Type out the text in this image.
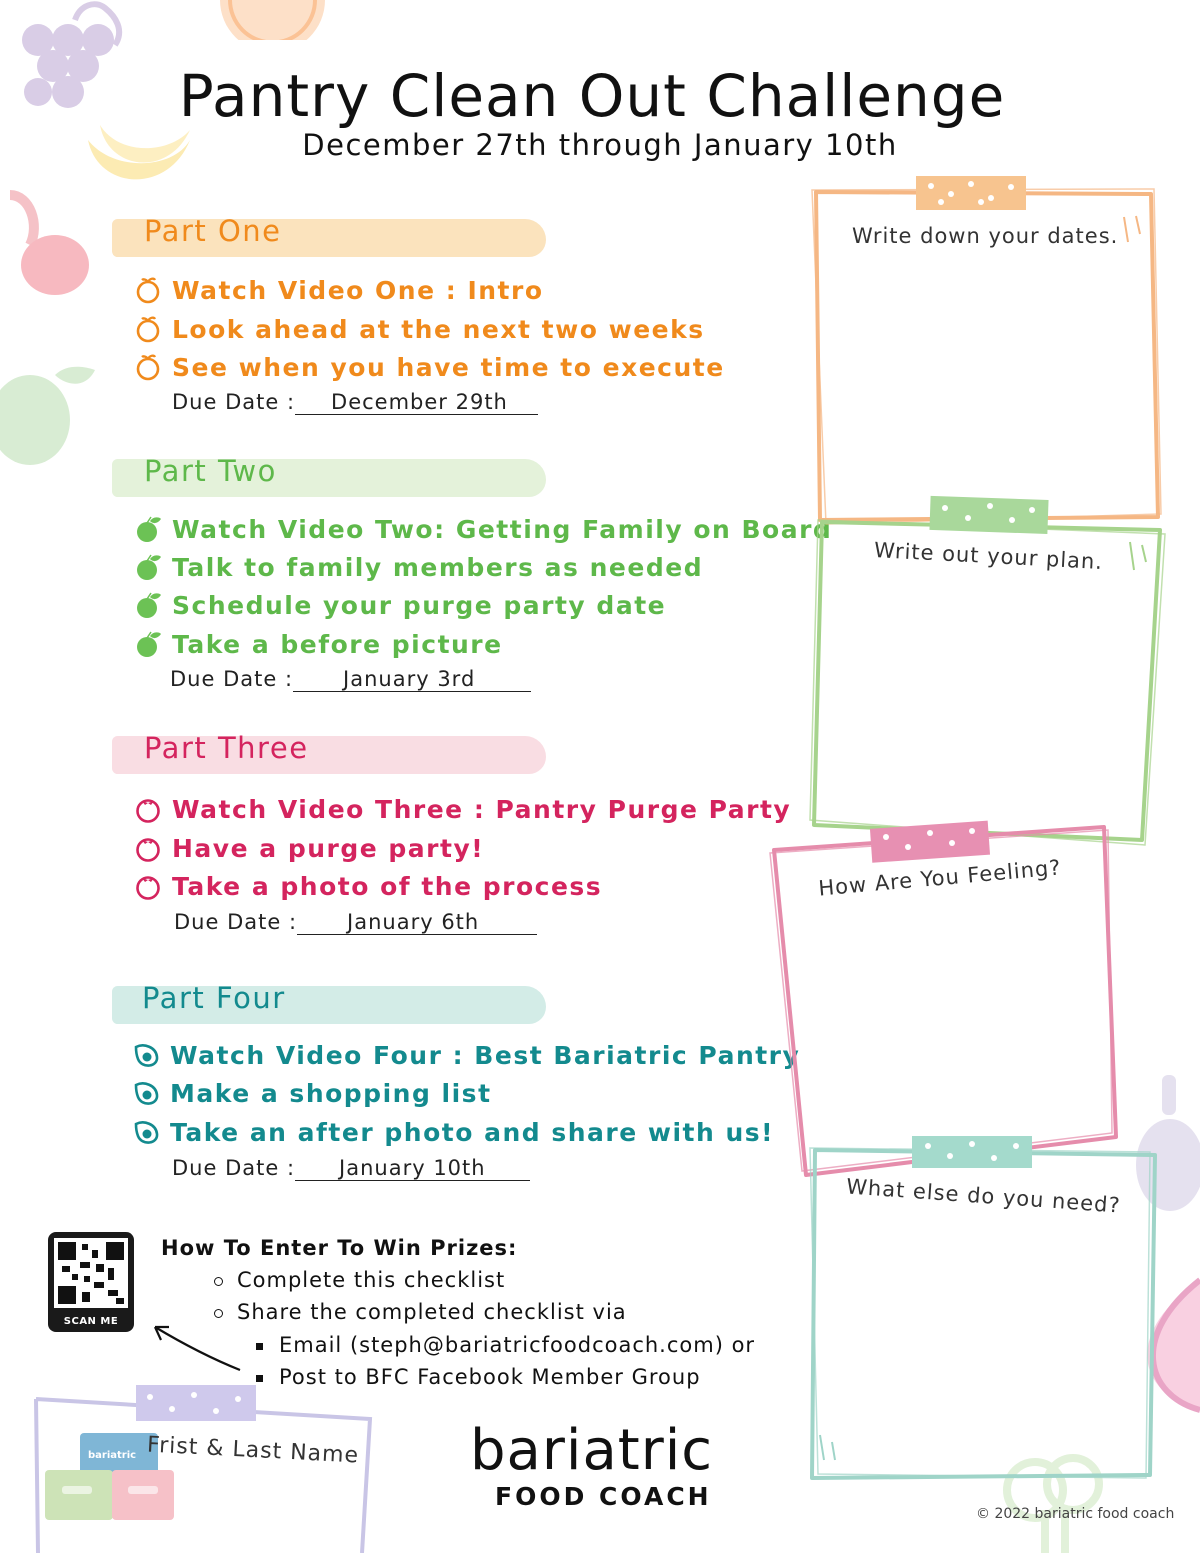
Pantry Clean Out Challenge
December 27th through January 10th
Part One
Watch Video One : Intro
Look ahead at the next two weeks
See when you have time to execute
Due Date : December 29th
Part Two
Watch Video Two: Getting Family on Board
Talk to family members as needed
Schedule your purge party date
Take a before picture
Due Date : January 3rd
Part Three
Watch Video Three : Pantry Purge Party
Have a purge party!
Take a photo of the process
Due Date : January 6th
Part Four
Watch Video Four : Best Bariatric Pantry
Make a shopping list
Take an after photo and share with us!
Due Date : January 10th
Write down your dates.
Write out your plan.
How Are You Feeling?
What else do you need?
bariatric Frist & Last Name
SCAN ME
How To Enter To Win Prizes:
Complete this checklist
Share the completed checklist via
Email (steph@bariatricfoodcoach.com) or
Post to BFC Facebook Member Group
bariatric
FOOD COACH
© 2022 bariatric food coach
